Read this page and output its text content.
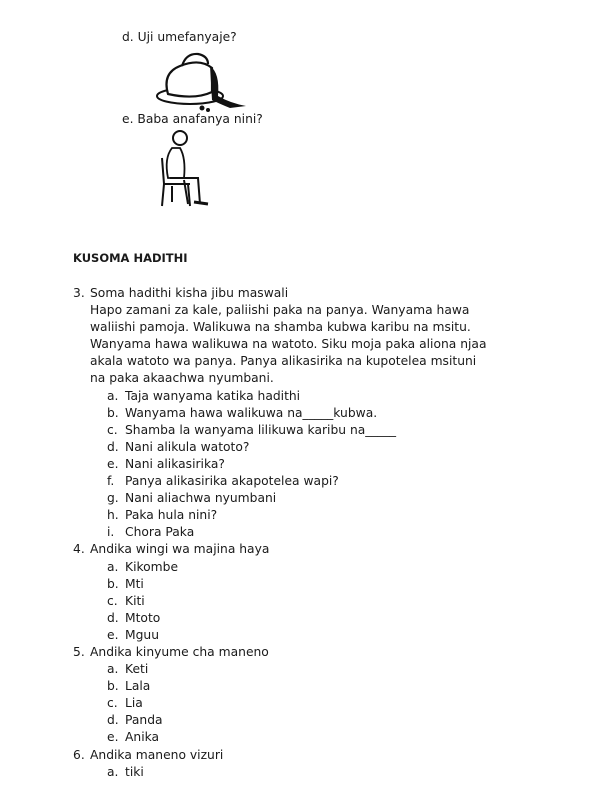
d. Uji umefanyaje?
e. Baba anafanya nini?
KUSOMA HADITHI
3. Soma hadithi kisha jibu maswali
Hapo zamani za kale, paliishi paka na panya. Wanyama hawa
waliishi pamoja. Walikuwa na shamba kubwa karibu na msitu.
Wanyama hawa walikuwa na watoto. Siku moja paka aliona njaa
akala watoto wa panya. Panya alikasirika na kupotelea msituni
na paka akaachwa nyumbani.
a. Taja wanyama katika hadithi
b. Wanyama hawa walikuwa na_____kubwa.
c. Shamba la wanyama lilikuwa karibu na_____
d. Nani alikula watoto?
e. Nani alikasirika?
f. Panya alikasirika akapotelea wapi?
g. Nani aliachwa nyumbani
h. Paka hula nini?
i. Chora Paka
4. Andika wingi wa majina haya
a. Kikombe
b. Mti
c. Kiti
d. Mtoto
e. Mguu
5. Andika kinyume cha maneno
a. Keti
b. Lala
c. Lia
d. Panda
e. Anika
6. Andika maneno vizuri
a. tiki
